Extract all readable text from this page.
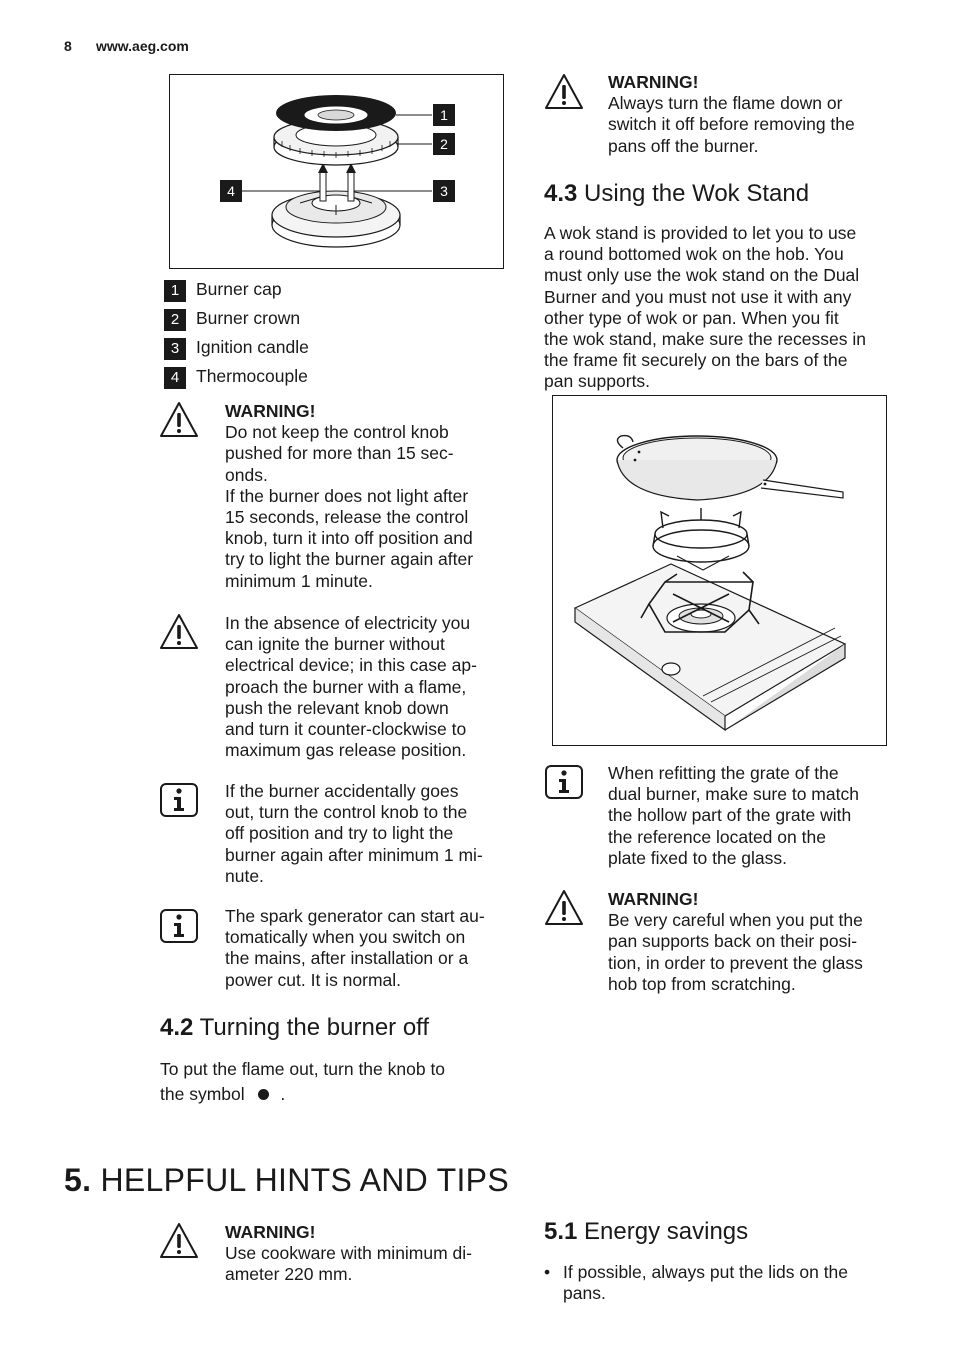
8 www.aeg.com
1
2
3
4
1 Burner cap
2 Burner crown
3 Ignition candle
4 Thermocouple
WARNING!
Do not keep the control knob
pushed for more than 15 sec-
onds.
If the burner does not light after
15 seconds, release the control
knob, turn it into off position and
try to light the burner again after
minimum 1 minute.
In the absence of electricity you
can ignite the burner without
electrical device; in this case ap-
proach the burner with a flame,
push the relevant knob down
and turn it counter-clockwise to
maximum gas release position.
If the burner accidentally goes
out, turn the control knob to the
off position and try to light the
burner again after minimum 1 mi-
nute.
The spark generator can start au-
tomatically when you switch on
the mains, after installation or a
power cut. It is normal.
4.2 Turning the burner off
To put the flame out, turn the knob to
the symbol .
WARNING!
Always turn the flame down or
switch it off before removing the
pans off the burner.
4.3 Using the Wok Stand
A wok stand is provided to let you to use
a round bottomed wok on the hob. You
must only use the wok stand on the Dual
Burner and you must not use it with any
other type of wok or pan. When you fit
the wok stand, make sure the recesses in
the frame fit securely on the bars of the
pan supports.
When refitting the grate of the
dual burner, make sure to match
the hollow part of the grate with
the reference located on the
plate fixed to the glass.
WARNING!
Be very careful when you put the
pan supports back on their posi-
tion, in order to prevent the glass
hob top from scratching.
5. HELPFUL HINTS AND TIPS
WARNING!
Use cookware with minimum di-
ameter 220 mm.
5.1 Energy savings
• If possible, always put the lids on the
pans.
